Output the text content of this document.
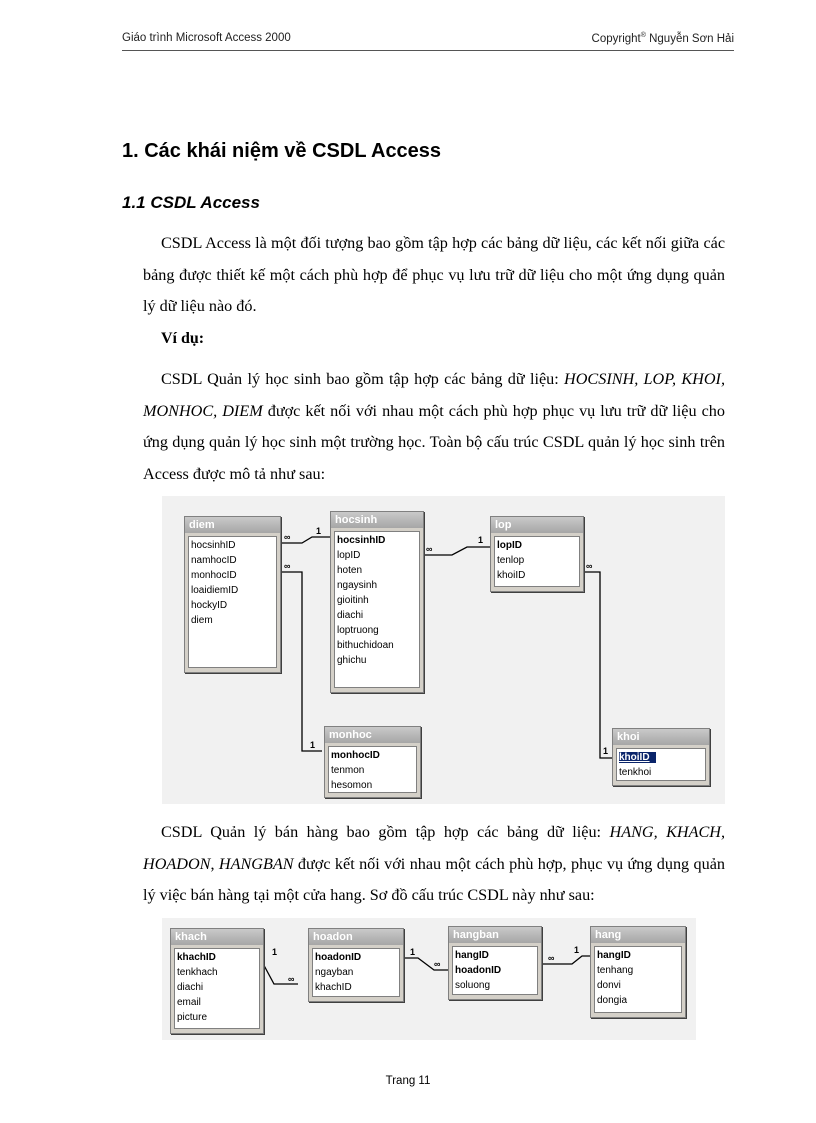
Giáo trình Microsoft Access 2000	Copyright® Nguyễn Sơn Hải
1. Các khái niệm về CSDL Access
1.1 CSDL Access

CSDL Access là một đối tượng bao gồm tập hợp các bảng dữ liệu, các kết nối giữa các bảng được thiết kế một cách phù hợp để phục vụ lưu trữ dữ liệu cho một ứng dụng quản lý dữ liệu nào đó.

Ví dụ:

CSDL Quản lý học sinh bao gồm tập hợp các bảng dữ liệu: HOCSINH, LOP, KHOI, MONHOC, DIEM được kết nối với nhau một cách phù hợp phục vụ lưu trữ dữ liệu cho ứng dụng quản lý học sinh một trường học. Toàn bộ cấu trúc CSDL quản lý học sinh trên Access được mô tả như sau:

∞
1
∞
1
∞
1
∞
1
diem
hocsinhID
namhocID
monhocID
loaidiemID
hockyID
diem
hocsinh
hocsinhID
lopID
hoten
ngaysinh
gioitinh
diachi
loptruong
bithuchidoan
ghichu
lop
lopID
tenlop
khoiID
monhoc
monhocID
tenmon
hesomon
khoi
khoiID
tenkhoi

CSDL Quản lý bán hàng bao gồm tập hợp các bảng dữ liệu: HANG, KHACH, HOADON, HANGBAN được kết nối với nhau một cách phù hợp, phục vụ ứng dụng quản lý việc bán hàng tại một cửa hang. Sơ đồ cấu trúc CSDL này như sau:

1
∞
1
∞
∞
1
khach
khachID
tenkhach
diachi
email
picture
hoadon
hoadonID
ngayban
khachID
hangban
hangID
hoadonID
soluong
hang
hangID
tenhang
donvi
dongia
Trang 11
